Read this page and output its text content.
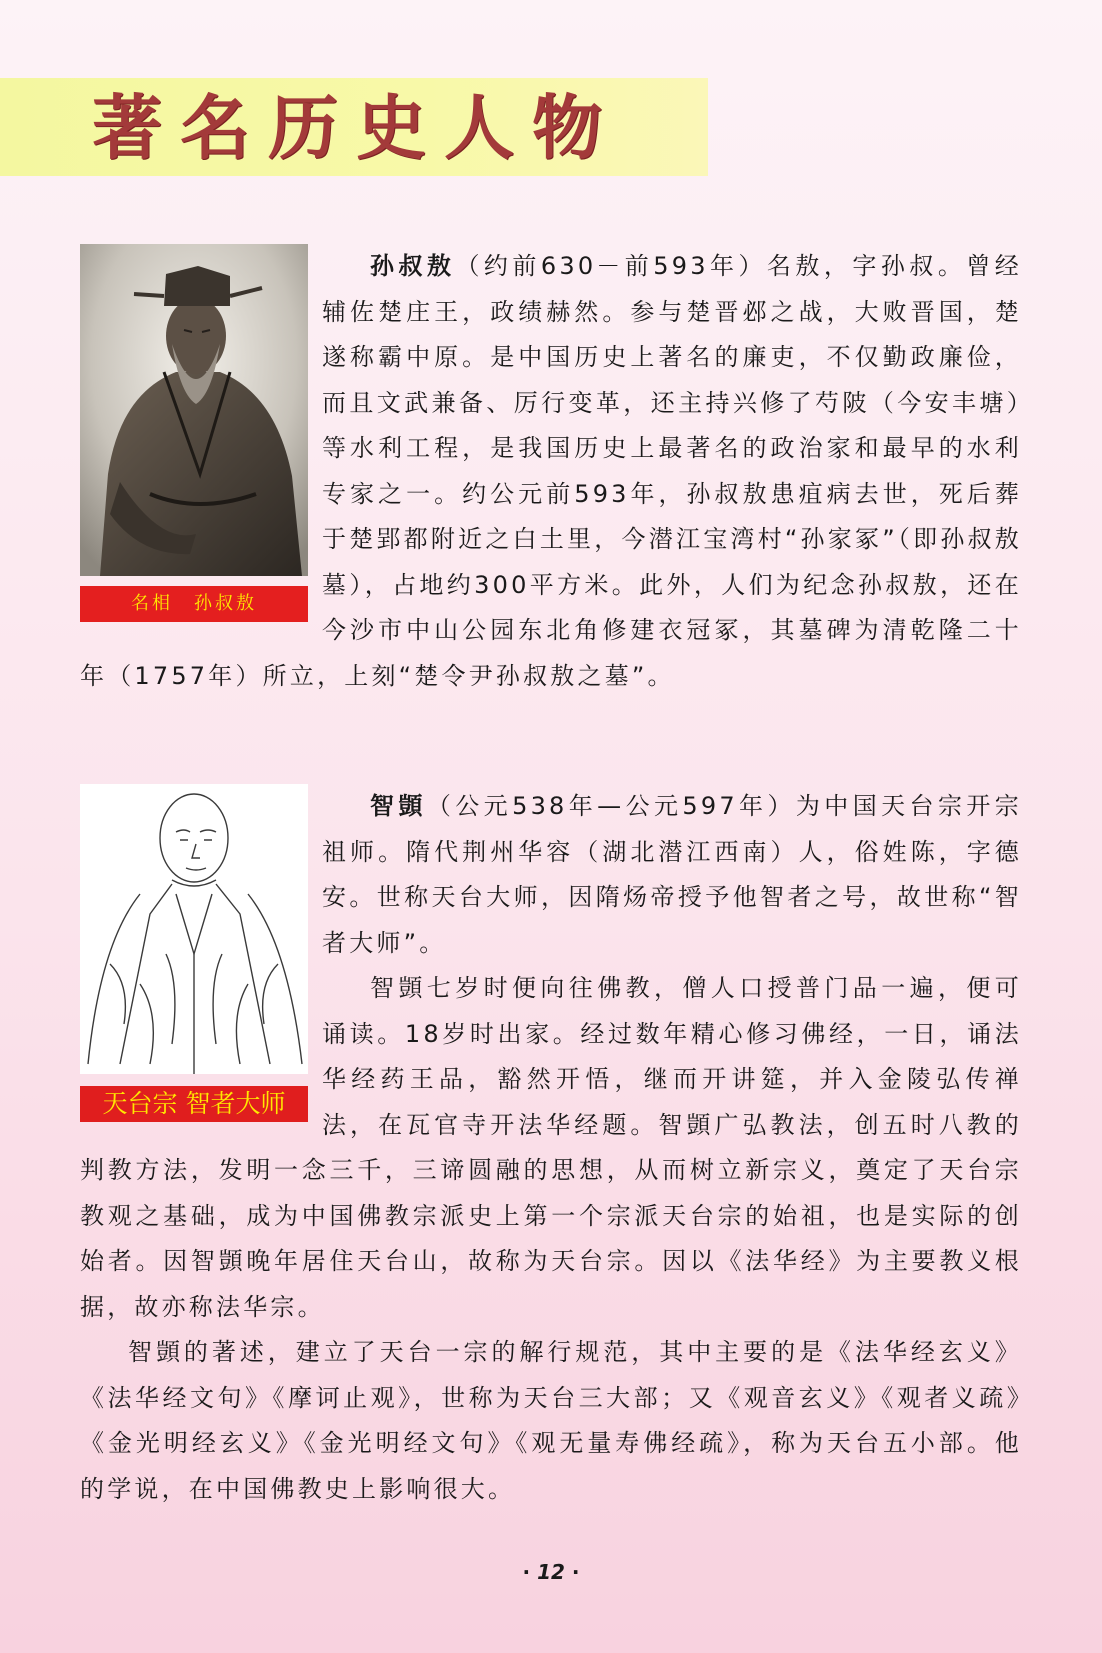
著名历史人物
名相　孙叔敖

孙叔敖（约前630－前593年）名敖，字孙叔。曾经辅佐楚庄王，政绩赫然。参与楚晋邲之战，大败晋国，楚遂称霸中原。是中国历史上著名的廉吏，不仅勤政廉俭，而且文武兼备、厉行变革，还主持兴修了芍陂（今安丰塘）等水利工程，是我国历史上最著名的政治家和最早的水利专家之一。约公元前593年，孙叔敖患疽病去世，死后葬于楚郢都附近之白土里，今潜江宝湾村“孙家冢”（即孙叔敖墓），占地约300平方米。此外，人们为纪念孙叔敖，还在今沙市中山公园东北角修建衣冠冢，其墓碑为清乾隆二十年（1757年）所立，上刻“楚令尹孙叔敖之墓”。

天台宗 智者大师

智顗（公元538年—公元597年）为中国天台宗开宗祖师。隋代荆州华容（湖北潜江西南）人，俗姓陈，字德安。世称天台大师，因隋炀帝授予他智者之号，故世称“智者大师”。

智顗七岁时便向往佛教，僧人口授普门品一遍，便可诵读。18岁时出家。经过数年精心修习佛经，一日，诵法华经药王品，豁然开悟，继而开讲筵，并入金陵弘传禅法，在瓦官寺开法华经题。智顗广弘教法，创五时八教的判教方法，发明一念三千，三谛圆融的思想，从而树立新宗义，奠定了天台宗教观之基础，成为中国佛教宗派史上第一个宗派天台宗的始祖，也是实际的创始者。因智顗晚年居住天台山，故称为天台宗。因以《法华经》为主要教义根据，故亦称法华宗。

智顗的著述，建立了天台一宗的解行规范，其中主要的是《法华经玄义》《法华经文句》《摩诃止观》，世称为天台三大部；又《观音玄义》《观者义疏》《金光明经玄义》《金光明经文句》《观无量寿佛经疏》，称为天台五小部。他的学说，在中国佛教史上影响很大。

· 12 ·
